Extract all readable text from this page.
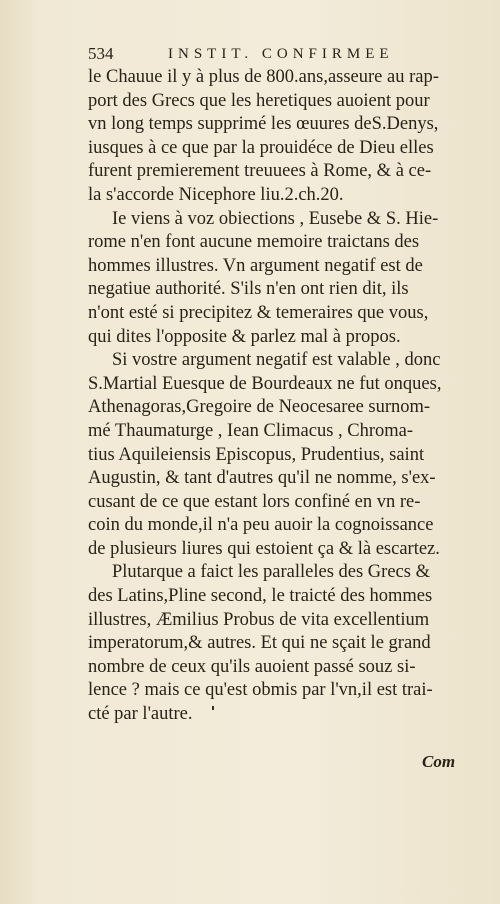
534	INSTIT. CONFIRMEE
le Chauue il y à plus de 800.ans,asseure au rap-
port des Grecs que les heretiques auoient pour
vn long temps supprimé les œuures deS.Denys,
iusques à ce que par la prouidéce de Dieu elles
furent premierement treuuees à Rome, & à ce-
la s'accorde Nicephore liu.2.ch.20.
Ie viens à voz obiections , Eusebe & S. Hie-
rome n'en font aucune memoire traictans des
hommes illustres. Vn argument negatif est de
negatiue authorité. S'ils n'en ont rien dit, ils
n'ont esté si precipitez & temeraires que vous,
qui dites l'opposite & parlez mal à propos.
Si vostre argument negatif est valable , donc
S.Martial Euesque de Bourdeaux ne fut onques,
Athenagoras,Gregoire de Neocesaree surnom-
mé Thaumaturge , Iean Climacus , Chroma-
tius Aquileiensis Episcopus, Prudentius, saint
Augustin, & tant d'autres qu'il ne nomme, s'ex-
cusant de ce que estant lors confiné en vn re-
coin du monde,il n'a peu auoir la cognoissance
de plusieurs liures qui estoient ça & là escartez.
Plutarque a faict les paralleles des Grecs &
des Latins,Pline second, le traicté des hommes
illustres, Æmilius Probus de vita excellentium
imperatorum,& autres. Et qui ne sçait le grand
nombre de ceux qu'ils auoient passé souz si-
lence ? mais ce qu'est obmis par l'vn,il est trai-
cté par l'autre.
Com
